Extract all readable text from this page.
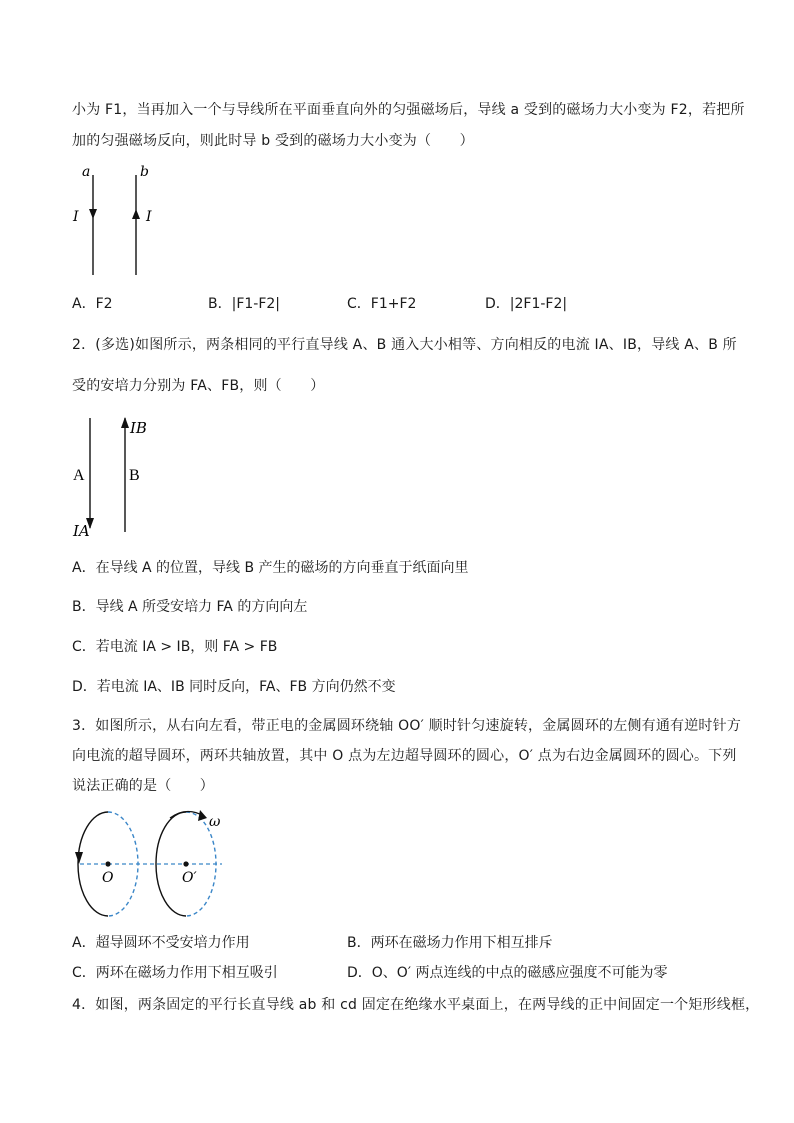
小为 F1，当再加入一个与导线所在平面垂直向外的匀强磁场后，导线 a 受到的磁场力大小变为 F2，若把所
加的匀强磁场反向，则此时导 b 受到的磁场力大小变为（　　）
a	b
I	I
A．F2	B．|F1-F2|	C．F1+F2	D．|2F1-F2|
2．(多选)如图所示，两条相同的平行直导线 A、B 通入大小相等、方向相反的电流 IA、IB，导线 A、B 所
受的安培力分别为 FA、FB，则（　　）
A	B
IB
IA
A．在导线 A 的位置，导线 B 产生的磁场的方向垂直于纸面向里
B．导线 A 所受安培力 FA 的方向向左
C．若电流 IA > IB，则 FA > FB
D．若电流 IA、IB 同时反向，FA、FB 方向仍然不变
3．如图所示，从右向左看，带正电的金属圆环绕轴 OO′ 顺时针匀速旋转，金属圆环的左侧有通有逆时针方
向电流的超导圆环，两环共轴放置，其中 O 点为左边超导圆环的圆心，O′ 点为右边金属圆环的圆心。下列
说法正确的是（　　）
O	O′
ω
A．超导圆环不受安培力作用	B．两环在磁场力作用下相互排斥
C．两环在磁场力作用下相互吸引	D．O、O′ 两点连线的中点的磁感应强度不可能为零
4．如图，两条固定的平行长直导线 ab 和 cd 固定在绝缘水平桌面上，在两导线的正中间固定一个矩形线框，
